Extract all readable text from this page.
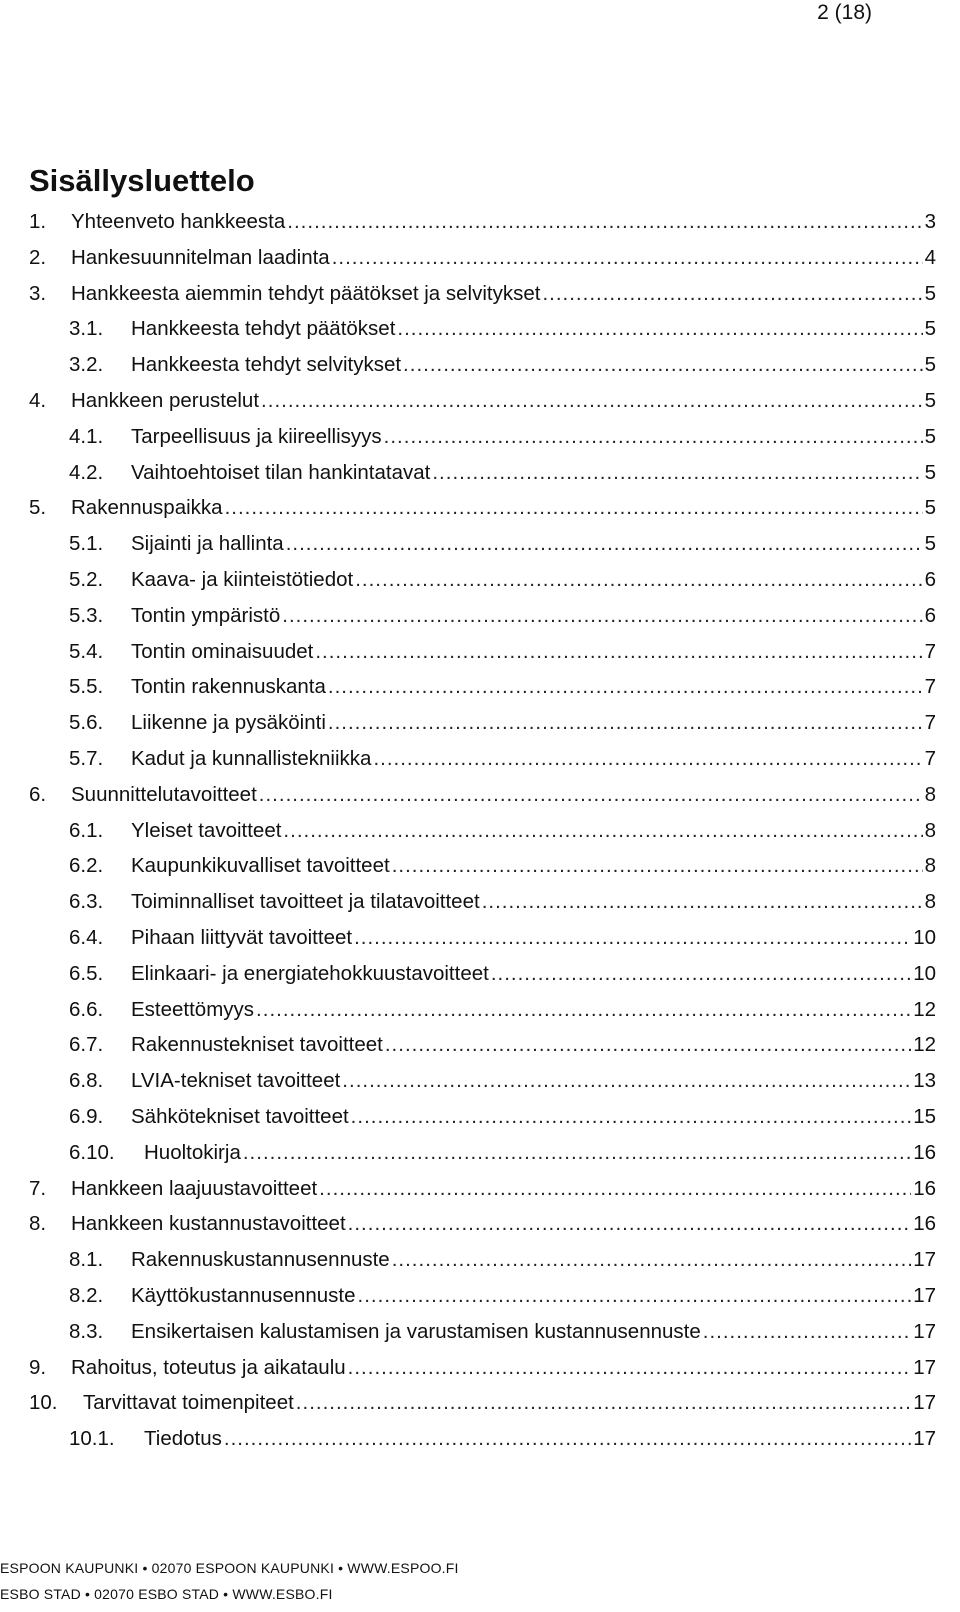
2 (18)
Sisällysluettelo
1.	Yhteenveto hankkeesta .....	3
2.	Hankesuunnitelman laadinta .....	4
3.	Hankkeesta aiemmin tehdyt päätökset ja selvitykset .....	5
3.1.	Hankkeesta tehdyt päätökset .....	5
3.2.	Hankkeesta tehdyt selvitykset .....	5
4.	Hankkeen perustelut .....	5
4.1.	Tarpeellisuus ja kiireellisyys .....	5
4.2.	Vaihtoehtoiset tilan hankintatavat .....	5
5.	Rakennuspaikka .....	5
5.1.	Sijainti ja hallinta .....	5
5.2.	Kaava- ja kiinteistötiedot .....	6
5.3.	Tontin ympäristö .....	6
5.4.	Tontin ominaisuudet .....	7
5.5.	Tontin rakennuskanta .....	7
5.6.	Liikenne ja pysäköinti .....	7
5.7.	Kadut ja kunnallistekniikka .....	7
6.	Suunnittelutavoitteet .....	8
6.1.	Yleiset tavoitteet .....	8
6.2.	Kaupunkikuvalliset tavoitteet .....	8
6.3.	Toiminnalliset tavoitteet ja tilatavoitteet .....	8
6.4.	Pihaan liittyvät tavoitteet .....	10
6.5.	Elinkaari- ja energiatehokkuustavoitteet .....	10
6.6.	Esteettömyys .....	12
6.7.	Rakennustekniset tavoitteet .....	12
6.8.	LVIA-tekniset tavoitteet .....	13
6.9.	Sähkötekniset tavoitteet .....	15
6.10.	Huoltokirja .....	16
7.	Hankkeen laajuustavoitteet .....	16
8.	Hankkeen kustannustavoitteet .....	16
8.1.	Rakennuskustannusennuste .....	17
8.2.	Käyttökustannusennuste .....	17
8.3.	Ensikertaisen kalustamisen ja varustamisen kustannusennuste .....	17
9.	Rahoitus, toteutus ja aikataulu .....	17
10.	Tarvittavat toimenpiteet .....	17
10.1.	Tiedotus .....	17
ESPOON KAUPUNKI • 02070 ESPOON KAUPUNKI • WWW.ESPOO.FI
ESBO STAD • 02070 ESBO STAD • WWW.ESBO.FI
